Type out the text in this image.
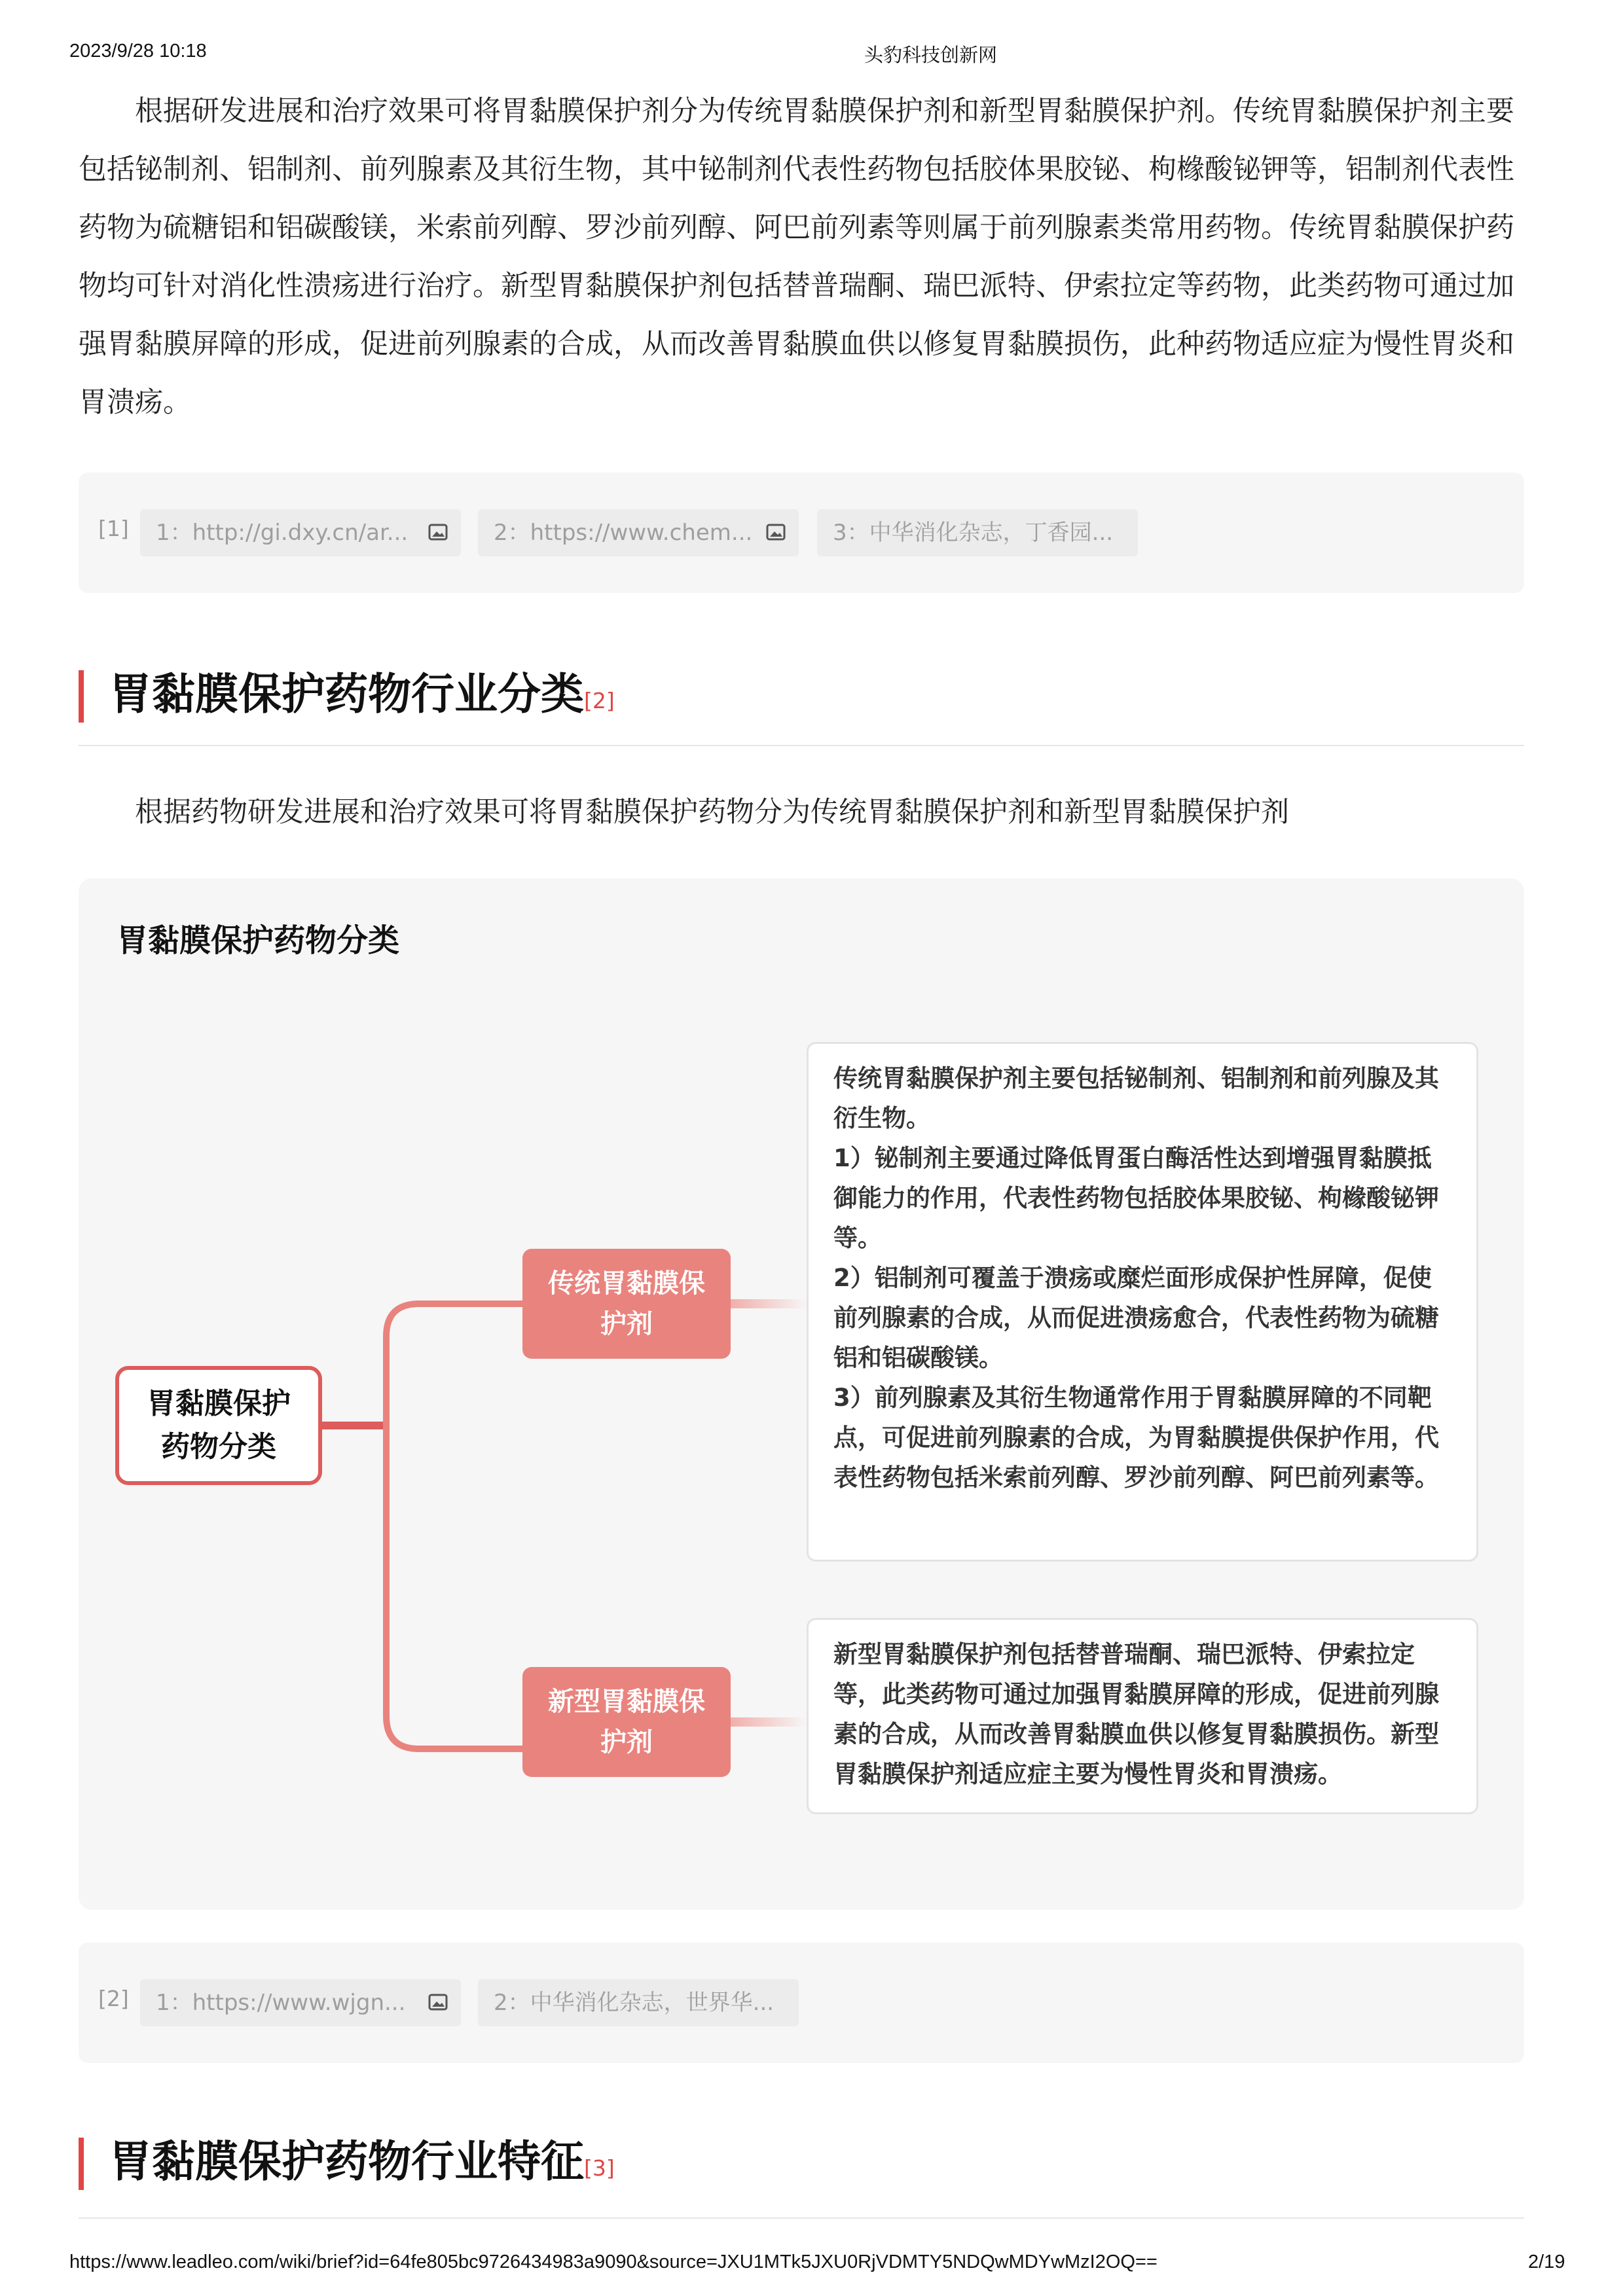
2023/9/28 10:18	头豹科技创新网

根据研发进展和治疗效果可将胃黏膜保护剂分为传统胃黏膜保护剂和新型胃黏膜保护剂。传统胃黏膜保护剂主要包括铋制剂、铝制剂、前列腺素及其衍生物，其中铋制剂代表性药物包括胶体果胶铋、枸橼酸铋钾等，铝制剂代表性药物为硫糖铝和铝碳酸镁，米索前列醇、罗沙前列醇、阿巴前列素等则属于前列腺素类常用药物。传统胃黏膜保护药物均可针对消化性溃疡进行治疗。新型胃黏膜保护剂包括替普瑞酮、瑞巴派特、伊索拉定等药物，此类药物可通过加强胃黏膜屏障的形成，促进前列腺素的合成，从而改善胃黏膜血供以修复胃黏膜损伤，此种药物适应症为慢性胃炎和胃溃疡。

[1]	1：http://gi.dxy.cn/ar...	2：https://www.chem...	3：中华消化杂志，丁香园...
胃黏膜保护药物行业分类[2]

根据药物研发进展和治疗效果可将胃黏膜保护药物分为传统胃黏膜保护剂和新型胃黏膜保护剂

胃黏膜保护药物分类
胃黏膜保护药物分类
传统胃黏膜保护剂
新型胃黏膜保护剂

传统胃黏膜保护剂主要包括铋制剂、铝制剂和前列腺及其衍生物。

1）铋制剂主要通过降低胃蛋白酶活性达到增强胃黏膜抵御能力的作用，代表性药物包括胶体果胶铋、枸橼酸铋钾等。

2）铝制剂可覆盖于溃疡或糜烂面形成保护性屏障，促使前列腺素的合成，从而促进溃疡愈合，代表性药物为硫糖铝和铝碳酸镁。

3）前列腺素及其衍生物通常作用于胃黏膜屏障的不同靶点，可促进前列腺素的合成，为胃黏膜提供保护作用，代表性药物包括米索前列醇、罗沙前列醇、阿巴前列素等。

新型胃黏膜保护剂包括替普瑞酮、瑞巴派特、伊索拉定等，此类药物可通过加强胃黏膜屏障的形成，促进前列腺素的合成，从而改善胃黏膜血供以修复胃黏膜损伤。新型胃黏膜保护剂适应症主要为慢性胃炎和胃溃疡。

[2]	1：https://www.wjgn...	2：中华消化杂志，世界华...
胃黏膜保护药物行业特征[3]
https://www.leadleo.com/wiki/brief?id=64fe805bc9726434983a9090&source=JXU1MTk5JXU0RjVDMTY5NDQwMDYwMzI2OQ==	2/19
